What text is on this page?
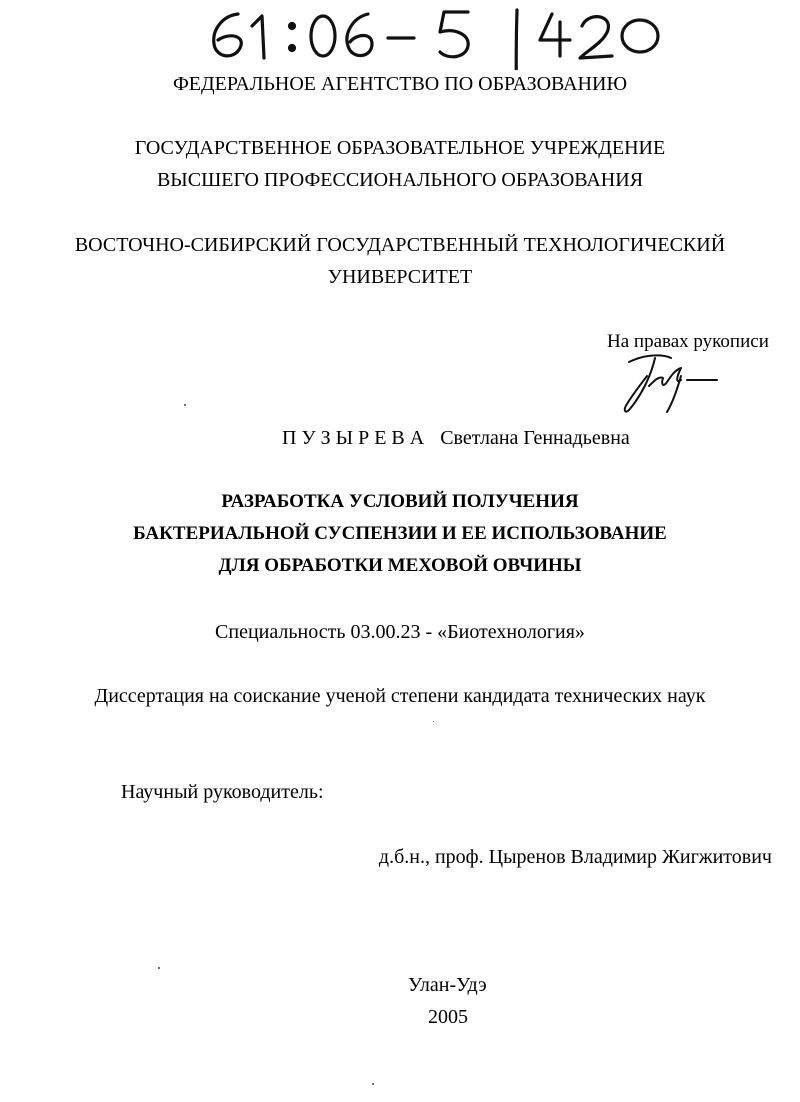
ФЕДЕРАЛЬНОЕ АГЕНТСТВО ПО ОБРАЗОВАНИЮ
ГОСУДАРСТВЕННОЕ ОБРАЗОВАТЕЛЬНОЕ УЧРЕЖДЕНИЕ
ВЫСШЕГО ПРОФЕССИОНАЛЬНОГО ОБРАЗОВАНИЯ
ВОСТОЧНО-СИБИРСКИЙ ГОСУДАРСТВЕННЫЙ ТЕХНОЛОГИЧЕСКИЙ
УНИВЕРСИТЕТ
На правах рукописи
П У З Ы Р Е В А Светлана Геннадьевна
РАЗРАБОТКА УСЛОВИЙ ПОЛУЧЕНИЯ
БАКТЕРИАЛЬНОЙ СУСПЕНЗИИ И ЕЕ ИСПОЛЬЗОВАНИЕ
ДЛЯ ОБРАБОТКИ МЕХОВОЙ ОВЧИНЫ
Специальность 03.00.23 - «Биотехнология»
Диссертация на соискание ученой степени кандидата технических наук
Научный руководитель:
д.б.н., проф. Цыренов Владимир Жигжитович
Улан-Удэ
2005
